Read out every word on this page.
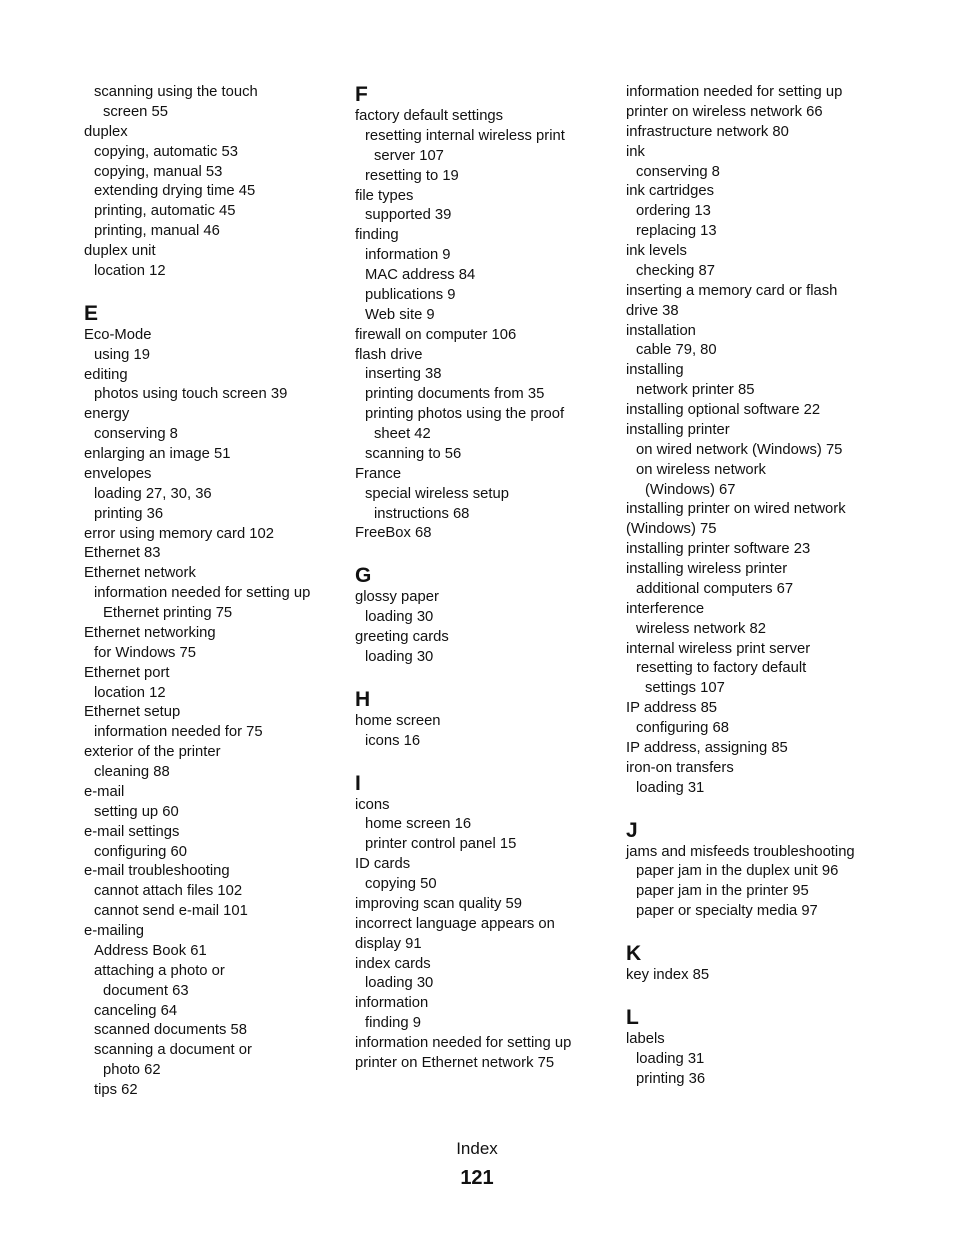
scanning using the touch
screen 55
duplex
copying, automatic 53
copying, manual 53
extending drying time 45
printing, automatic 45
printing, manual 46
duplex unit
location 12
E
Eco-Mode
using 19
editing
photos using touch screen 39
energy
conserving 8
enlarging an image 51
envelopes
loading 27, 30, 36
printing 36
error using memory card 102
Ethernet 83
Ethernet network
information needed for setting up
Ethernet printing 75
Ethernet networking
for Windows 75
Ethernet port
location 12
Ethernet setup
information needed for 75
exterior of the printer
cleaning 88
e-mail
setting up 60
e-mail settings
configuring 60
e-mail troubleshooting
cannot attach files 102
cannot send e-mail 101
e-mailing
Address Book 61
attaching a photo or
document 63
canceling 64
scanned documents 58
scanning a document or
photo 62
tips 62
F
factory default settings
resetting internal wireless print
server 107
resetting to 19
file types
supported 39
finding
information 9
MAC address 84
publications 9
Web site 9
firewall on computer 106
flash drive
inserting 38
printing documents from 35
printing photos using the proof
sheet 42
scanning to 56
France
special wireless setup
instructions 68
FreeBox 68
G
glossy paper
loading 30
greeting cards
loading 30
H
home screen
icons 16
I
icons
home screen 16
printer control panel 15
ID cards
copying 50
improving scan quality 59
incorrect language appears on
display 91
index cards
loading 30
information
finding 9
information needed for setting up
printer on Ethernet network 75
information needed for setting up
printer on wireless network 66
infrastructure network 80
ink
conserving 8
ink cartridges
ordering 13
replacing 13
ink levels
checking 87
inserting a memory card or flash
drive 38
installation
cable 79, 80
installing
network printer 85
installing optional software 22
installing printer
on wired network (Windows) 75
on wireless network
(Windows) 67
installing printer on wired network
(Windows) 75
installing printer software 23
installing wireless printer
additional computers 67
interference
wireless network 82
internal wireless print server
resetting to factory default
settings 107
IP address 85
configuring 68
IP address, assigning 85
iron-on transfers
loading 31
J
jams and misfeeds troubleshooting
paper jam in the duplex unit 96
paper jam in the printer 95
paper or specialty media 97
K
key index 85
L
labels
loading 31
printing 36
Index
121
